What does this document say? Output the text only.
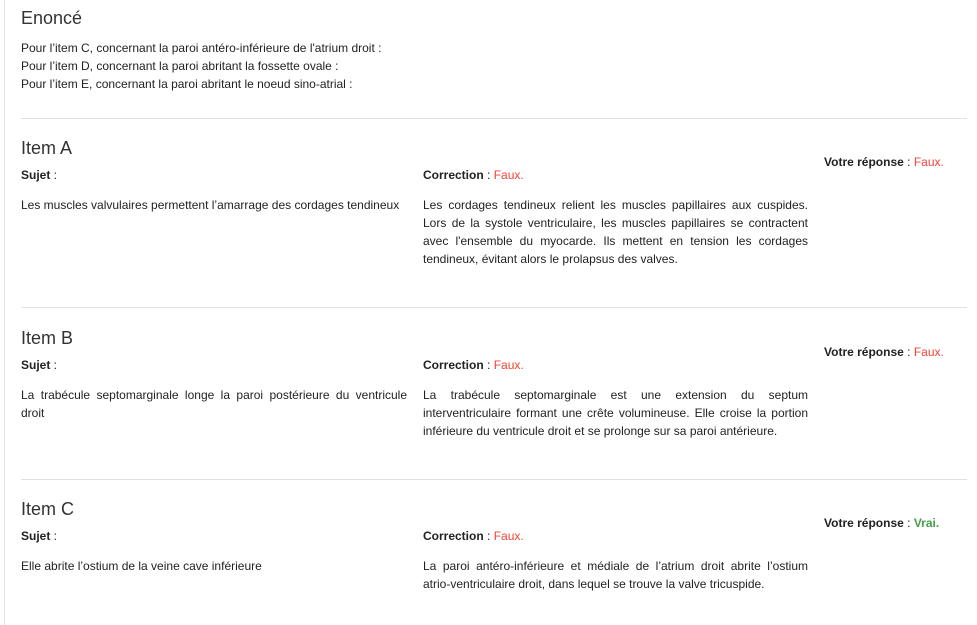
Enoncé

Pour l’item C, concernant la paroi antéro-inférieure de l'atrium droit :

Pour l’item D, concernant la paroi abritant la fossette ovale :

Pour l’item E, concernant la paroi abritant le noeud sino-atrial :

Item A
Sujet :
Les muscles valvulaires permettent l’amarrage des cordages tendineux
Correction : Faux.
Les cordages tendineux relient les muscles papillaires aux cuspides. Lors de la systole ventriculaire, les muscles papillaires se contractent avec l'ensemble du myocarde. Ils mettent en tension les cordages tendineux, évitant alors le prolapsus des valves.
Votre réponse : Faux.
Item B
Sujet :
La trabécule septomarginale longe la paroi postérieure du ventricule droit
Correction : Faux.
La trabécule septomarginale est une extension du septum interventriculaire formant une crête volumineuse. Elle croise la portion inférieure du ventricule droit et se prolonge sur sa paroi antérieure.
Votre réponse : Faux.
Item C
Sujet :
Elle abrite l’ostium de la veine cave inférieure
Correction : Faux.
La paroi antéro-inférieure et médiale de l’atrium droit abrite l’ostium atrio-ventriculaire droit, dans lequel se trouve la valve tricuspide.
Votre réponse : Vrai.
